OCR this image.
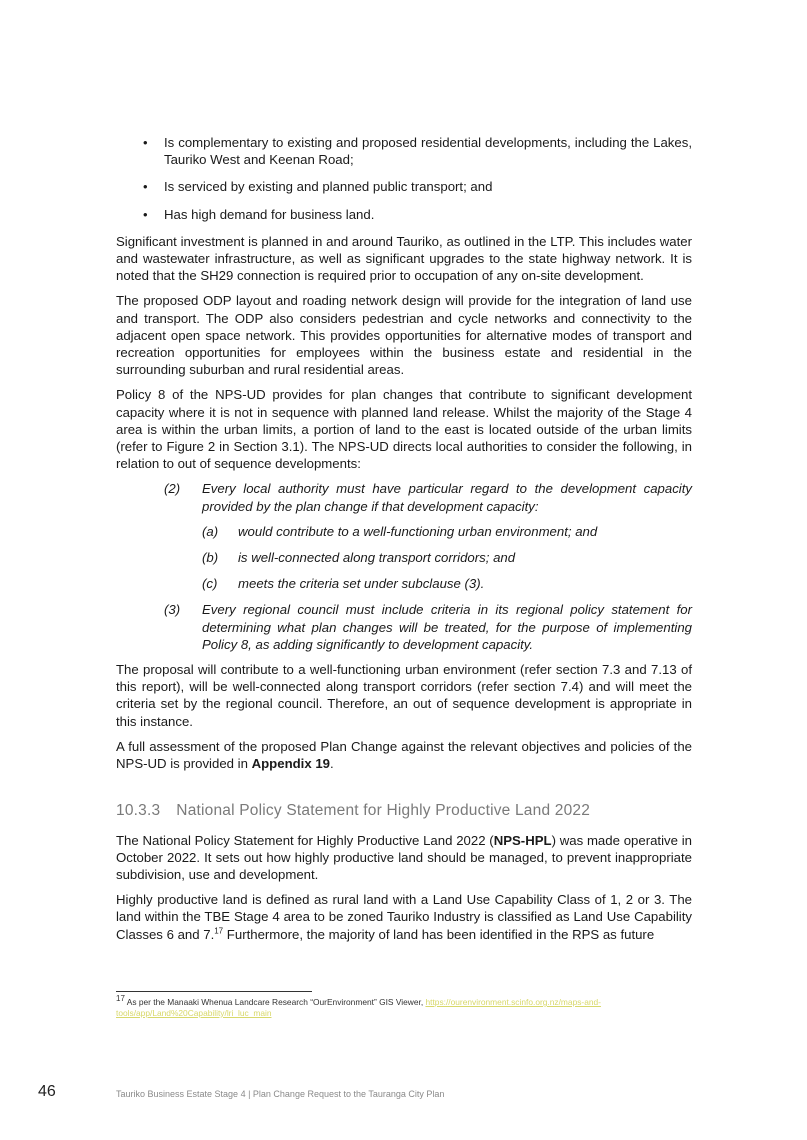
• Is complementary to existing and proposed residential developments, including the Lakes, Tauriko West and Keenan Road;
• Is serviced by existing and planned public transport; and
• Has high demand for business land.

Significant investment is planned in and around Tauriko, as outlined in the LTP. This includes water and wastewater infrastructure, as well as significant upgrades to the state highway network. It is noted that the SH29 connection is required prior to occupation of any on-site development.

The proposed ODP layout and roading network design will provide for the integration of land use and transport. The ODP also considers pedestrian and cycle networks and connectivity to the adjacent open space network. This provides opportunities for alternative modes of transport and recreation opportunities for employees within the business estate and residential in the surrounding suburban and rural residential areas.

Policy 8 of the NPS-UD provides for plan changes that contribute to significant development capacity where it is not in sequence with planned land release. Whilst the majority of the Stage 4 area is within the urban limits, a portion of land to the east is located outside of the urban limits (refer to Figure 2 in Section 3.1). The NPS-UD directs local authorities to consider the following, in relation to out of sequence developments:

(2) Every local authority must have particular regard to the development capacity provided by the plan change if that development capacity:

(a) would contribute to a well-functioning urban environment; and

(b) is well-connected along transport corridors; and

(c) meets the criteria set under subclause (3).

(3) Every regional council must include criteria in its regional policy statement for determining what plan changes will be treated, for the purpose of implementing Policy 8, as adding significantly to development capacity.

The proposal will contribute to a well-functioning urban environment (refer section 7.3 and 7.13 of this report), will be well-connected along transport corridors (refer section 7.4) and will meet the criteria set by the regional council. Therefore, an out of sequence development is appropriate in this instance.

A full assessment of the proposed Plan Change against the relevant objectives and policies of the NPS-UD is provided in Appendix 19.

10.3.3 National Policy Statement for Highly Productive Land 2022

The National Policy Statement for Highly Productive Land 2022 (NPS-HPL) was made operative in October 2022. It sets out how highly productive land should be managed, to prevent inappropriate subdivision, use and development.

Highly productive land is defined as rural land with a Land Use Capability Class of 1, 2 or 3. The land within the TBE Stage 4 area to be zoned Tauriko Industry is classified as Land Use Capability Classes 6 and 7.17 Furthermore, the majority of land has been identified in the RPS as future

$^{17}$ As per the Manaaki Whenua Landcare Research “OurEnvironment” GIS Viewer, https://ourenvironment.scinfo.org.nz/maps-and-tools/app/Land%20Capability/lri_luc_main
46	Tauriko Business Estate Stage 4 | Plan Change Request to the Tauranga City Plan
